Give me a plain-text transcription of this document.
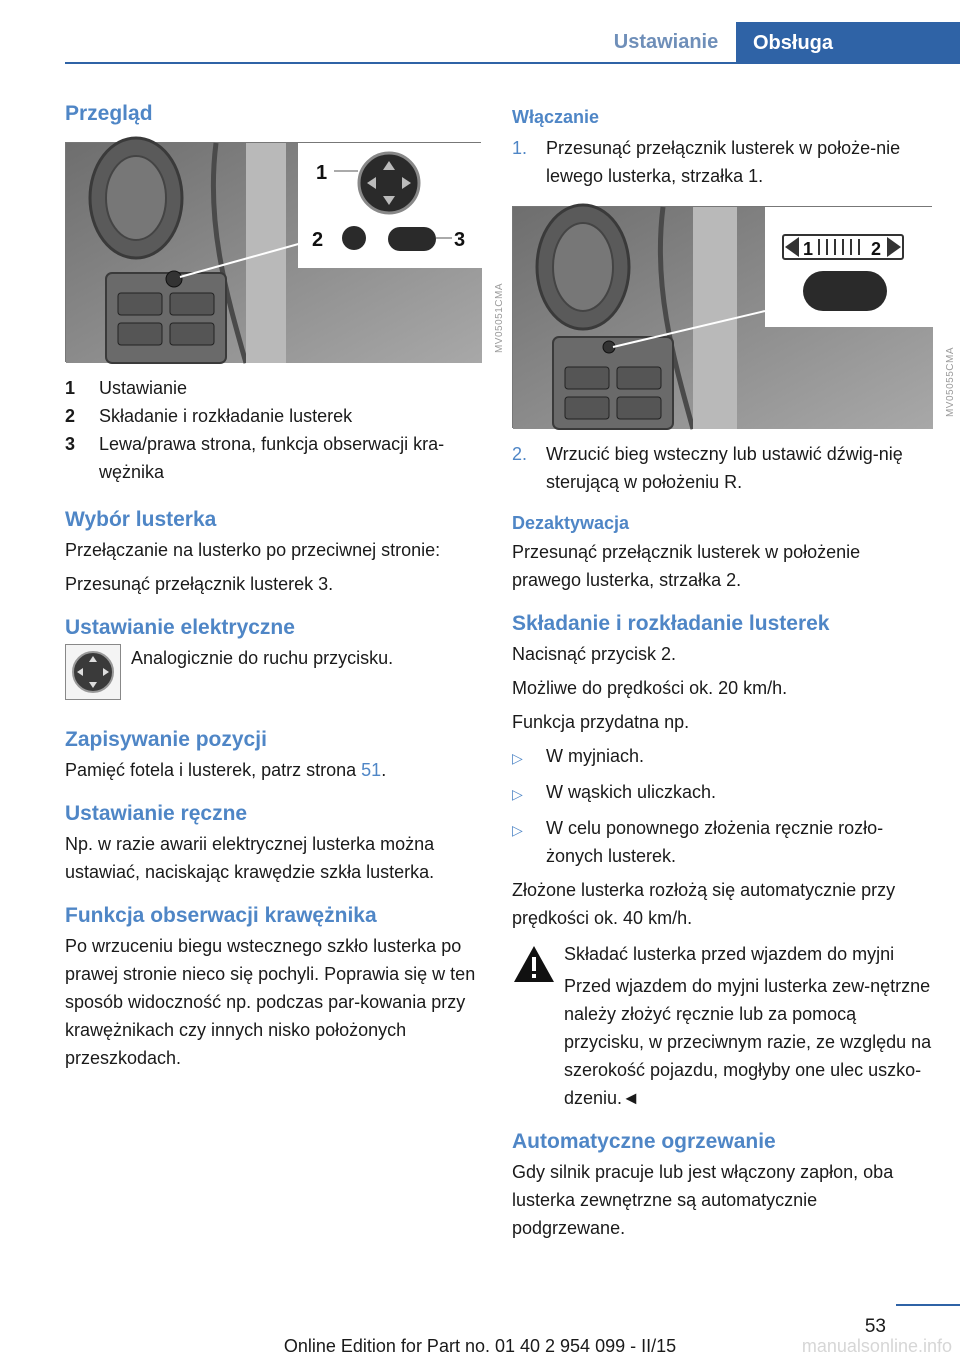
Ustawianie	Obsługa
Przegląd
1
2	3
MV05051CMA
1	Ustawianie
2	Składanie i rozkładanie lusterek
3	Lewa/prawa strona, funkcja obserwacji kra-wężnika
Wybór lusterka

Przełączanie na lusterko po przeciwnej stronie:

Przesunąć przełącznik lusterek 3.

Ustawianie elektryczne

Analogicznie do ruchu przycisku.

Zapisywanie pozycji

Pamięć fotela i lusterek, patrz strona 51.

Ustawianie ręczne

Np. w razie awarii elektrycznej lusterka można ustawiać, naciskając krawędzie szkła lusterka.

Funkcja obserwacji krawężnika

Po wrzuceniu biegu wstecznego szkło lusterka po prawej stronie nieco się pochyli. Poprawia się w ten sposób widoczność np. podczas par-kowania przy krawężnikach czy innych nisko położonych przeszkodach.

Włączanie
1.	Przesunąć przełącznik lusterek w położe-nie lewego lusterka, strzałka 1.
1	2
MV05055CMA
2.	Wrzucić bieg wsteczny lub ustawić dźwig-nię sterującą w położeniu R.
Dezaktywacja

Przesunąć przełącznik lusterek w położenie prawego lusterka, strzałka 2.

Składanie i rozkładanie lusterek

Nacisnąć przycisk 2.

Możliwe do prędkości ok. 20 km/h.

Funkcja przydatna np.

▷	W myjniach.
▷	W wąskich uliczkach.
▷	W celu ponownego złożenia ręcznie rozło-żonych lusterek.

Złożone lusterka rozłożą się automatycznie przy prędkości ok. 40 km/h.

Składać lusterka przed wjazdem do myjni

Przed wjazdem do myjni lusterka zew-nętrzne należy złożyć ręcznie lub za pomocą przycisku, w przeciwnym razie, ze względu na szerokość pojazdu, mogłyby one ulec uszko-dzeniu.◄

Automatyczne ogrzewanie

Gdy silnik pracuje lub jest włączony zapłon, oba lusterka zewnętrzne są automatycznie podgrzewane.

53
Online Edition for Part no. 01 40 2 954 099 - II/15	manualsonline.info
